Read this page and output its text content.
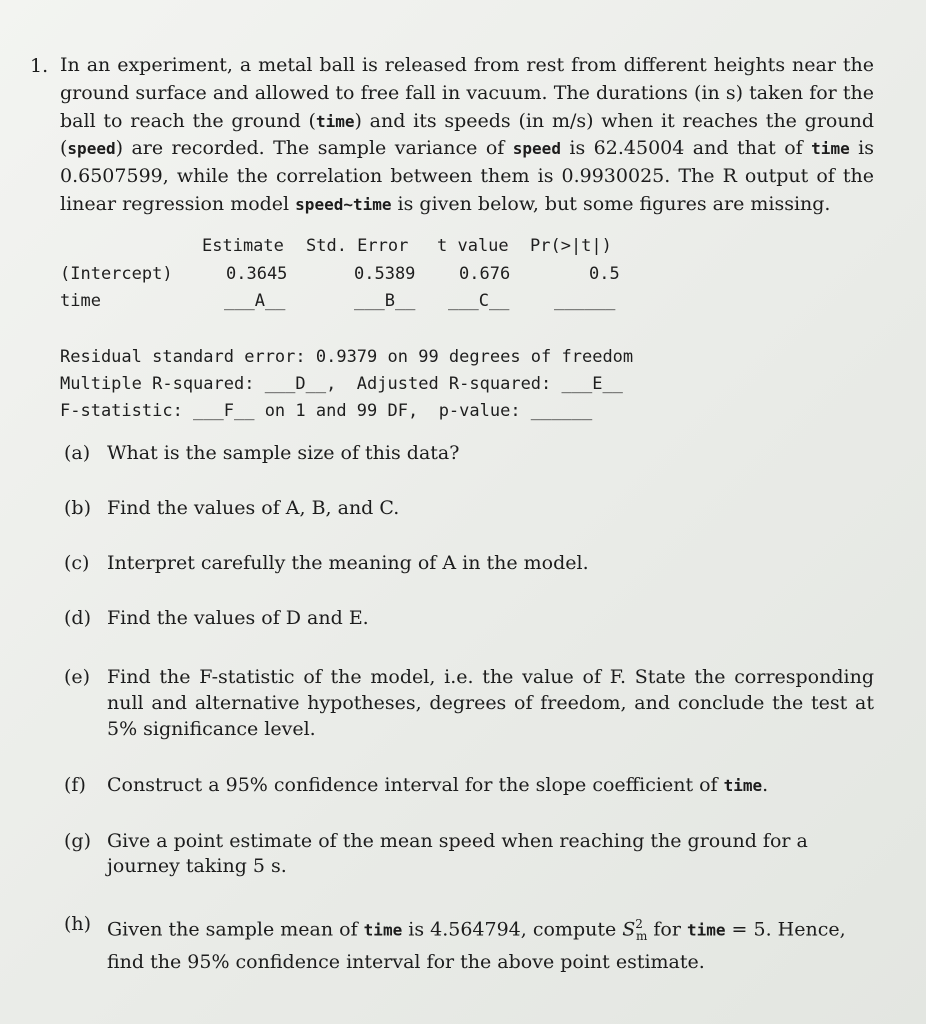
1. In an experiment, a metal ball is released from rest from different heights near the ground surface and allowed to free fall in vacuum. The durations (in s) taken for the ball to reach the ground (time) and its speeds (in m/s) when it reaches the ground (speed) are recorded. The sample variance of speed is 62.45004 and that of time is 0.6507599, while the correlation between them is 0.9930025. The R output of the linear regression model speed∼time is given below, but some figures are missing.
Estimate Std. Error t value Pr(>|t|)
(Intercept)	0.3645	0.5389	0.676	0.5
time	___A__	___B__ ___C__	______
Residual standard error: 0.9379 on 99 degrees of freedom
Multiple R-squared: ___D__,  Adjusted R-squared: ___E__
F-statistic: ___F__ on 1 and 99 DF,  p-value: ______
(a) What is the sample size of this data?
(b) Find the values of A, B, and C.
(c) Interpret carefully the meaning of A in the model.
(d) Find the values of D and E.
(e) Find the F-statistic of the model, i.e. the value of F. State the corresponding null and alternative hypotheses, degrees of freedom, and conclude the test at 5% significance level.
(f) Construct a 95% confidence interval for the slope coefficient of time.
(g) Give a point estimate of the mean speed when reaching the ground for a journey taking 5 s.
(h) Given the sample mean of time is 4.564794, compute $S^2_m$ for time = 5. Hence, find the 95% confidence interval for the above point estimate.
